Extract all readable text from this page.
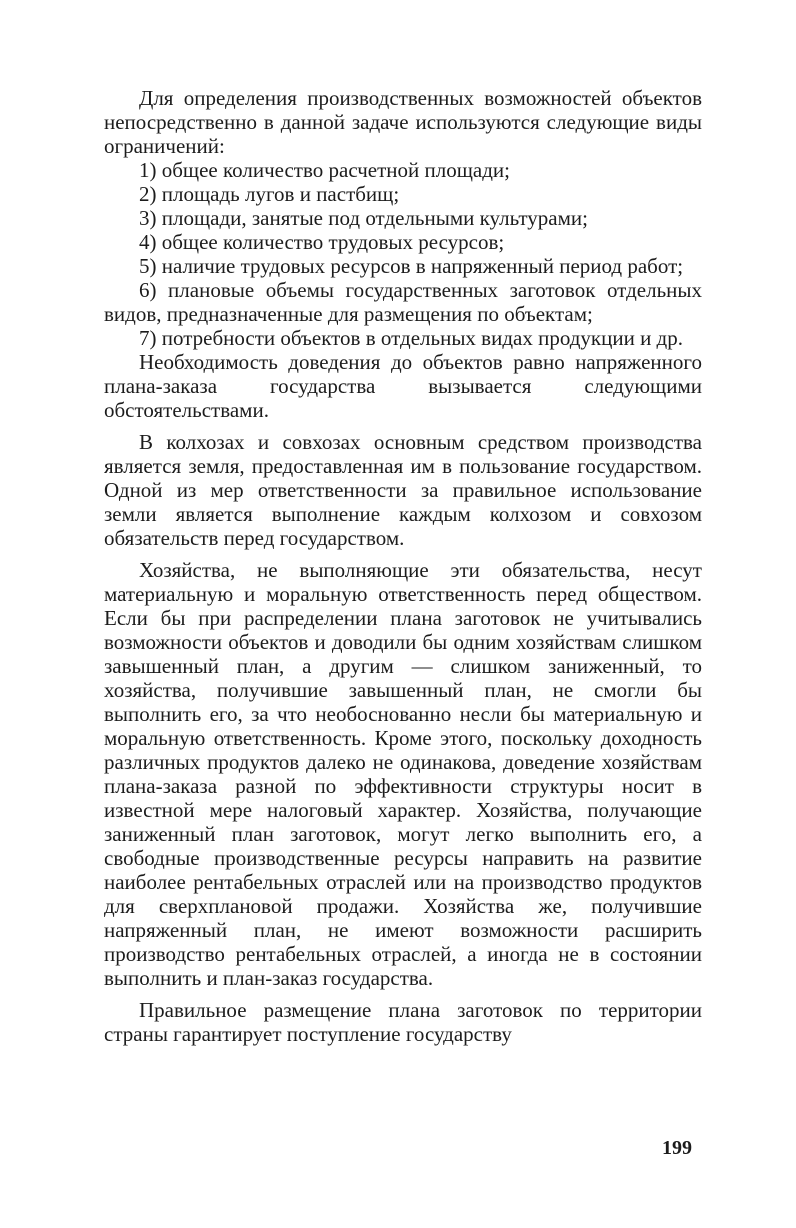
Для определения производственных возможностей объектов непосредственно в данной задаче используются следующие виды ограничений:

1) общее количество расчетной площади;
2) площадь лугов и пастбищ;
3) площади, занятые под отдельными культурами;
4) общее количество трудовых ресурсов;
5) наличие трудовых ресурсов в напряженный период работ;
6) плановые объемы государственных заготовок отдельных видов, предназначенные для размещения по объектам;
7) потребности объектов в отдельных видах продукции и др.

Необходимость доведения до объектов равно напряженного плана-заказа государства вызывается следующими обстоятельствами.

В колхозах и совхозах основным средством производства является земля, предоставленная им в пользование государством. Одной из мер ответственности за правильное использование земли является выполнение каждым колхозом и совхозом обязательств перед государством.

Хозяйства, не выполняющие эти обязательства, несут материальную и моральную ответственность перед обществом. Если бы при распределении плана заготовок не учитывались возможности объектов и доводили бы одним хозяйствам слишком завышенный план, а другим — слишком заниженный, то хозяйства, получившие завышенный план, не смогли бы выполнить его, за что необоснованно несли бы материальную и моральную ответственность. Кроме этого, поскольку доходность различных продуктов далеко не одинакова, доведение хозяйствам плана-заказа разной по эффективности структуры носит в известной мере налоговый характер. Хозяйства, получающие заниженный план заготовок, могут легко выполнить его, а свободные производственные ресурсы направить на развитие наиболее рентабельных отраслей или на производство продуктов для сверхплановой продажи. Хозяйства же, получившие напряженный план, не имеют возможности расширить производство рентабельных отраслей, а иногда не в состоянии выполнить и план-заказ государства.

Правильное размещение плана заготовок по территории страны гарантирует поступление государству

199
